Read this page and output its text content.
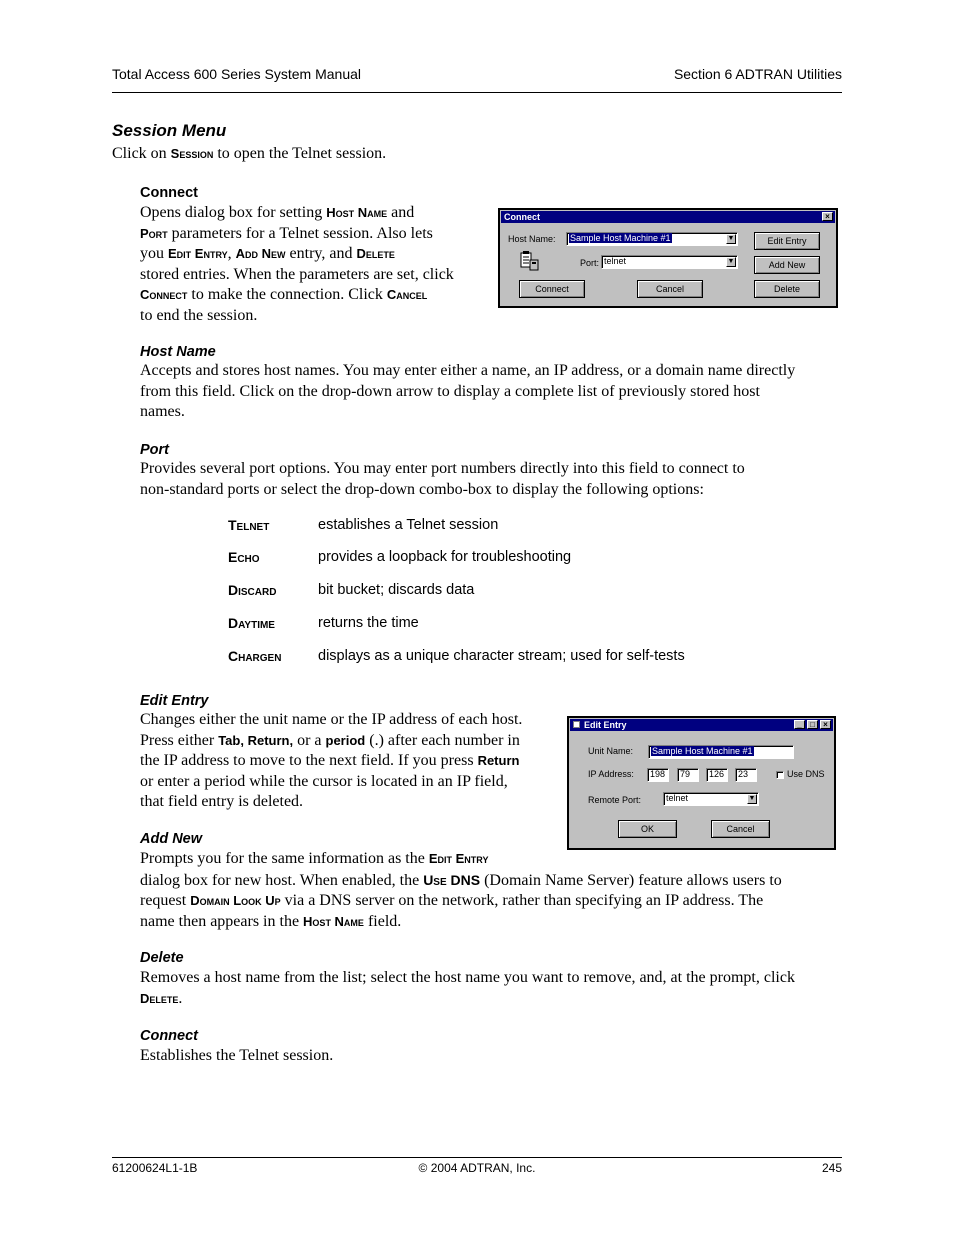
Total Access 600 Series System Manual	Section 6 ADTRAN Utilities
Session Menu
Click on Session to open the Telnet session.
Connect
Opens dialog box for setting Host Name and
Port parameters for a Telnet session. Also lets
you Edit Entry, Add New entry, and Delete
stored entries. When the parameters are set, click
Connect to make the connection. Click Cancel
to end the session.
Connect	×
Host Name:	Sample Host Machine #1	▼
Port: telnet	▼
Edit Entry
Add New
Connect	Cancel	Delete
Host Name
Accepts and stores host names. You may enter either a name, an IP address, or a domain name directly
from this field. Click on the drop-down arrow to display a complete list of previously stored host
names.
Port
Provides several port options. You may enter port numbers directly into this field to connect to
non-standard ports or select the drop-down combo-box to display the following options:
Telnet	establishes a Telnet session
Echo	provides a loopback for troubleshooting
Discard	bit bucket; discards data
Daytime	returns the time
Chargen	displays as a unique character stream; used for self-tests
Edit Entry
Changes either the unit name or the IP address of each host.
Press either Tab, Return, or a period (.) after each number in
the IP address to move to the next field. If you press Return
or enter a period while the cursor is located in an IP field,
that field entry is deleted.
Edit Entry	_	□	×
Unit Name:	Sample Host Machine #1
IP Address:	198	79	126	23	Use DNS
Remote Port:	telnet	▼
OK	Cancel
Add New
Prompts you for the same information as the Edit Entry
dialog box for new host. When enabled, the Use DNS (Domain Name Server) feature allows users to
request Domain Look Up via a DNS server on the network, rather than specifying an IP address. The
name then appears in the Host Name field.
Delete
Removes a host name from the list; select the host name you want to remove, and, at the prompt, click
Delete.
Connect
Establishes the Telnet session.
61200624L1-1B	© 2004 ADTRAN, Inc.	245
